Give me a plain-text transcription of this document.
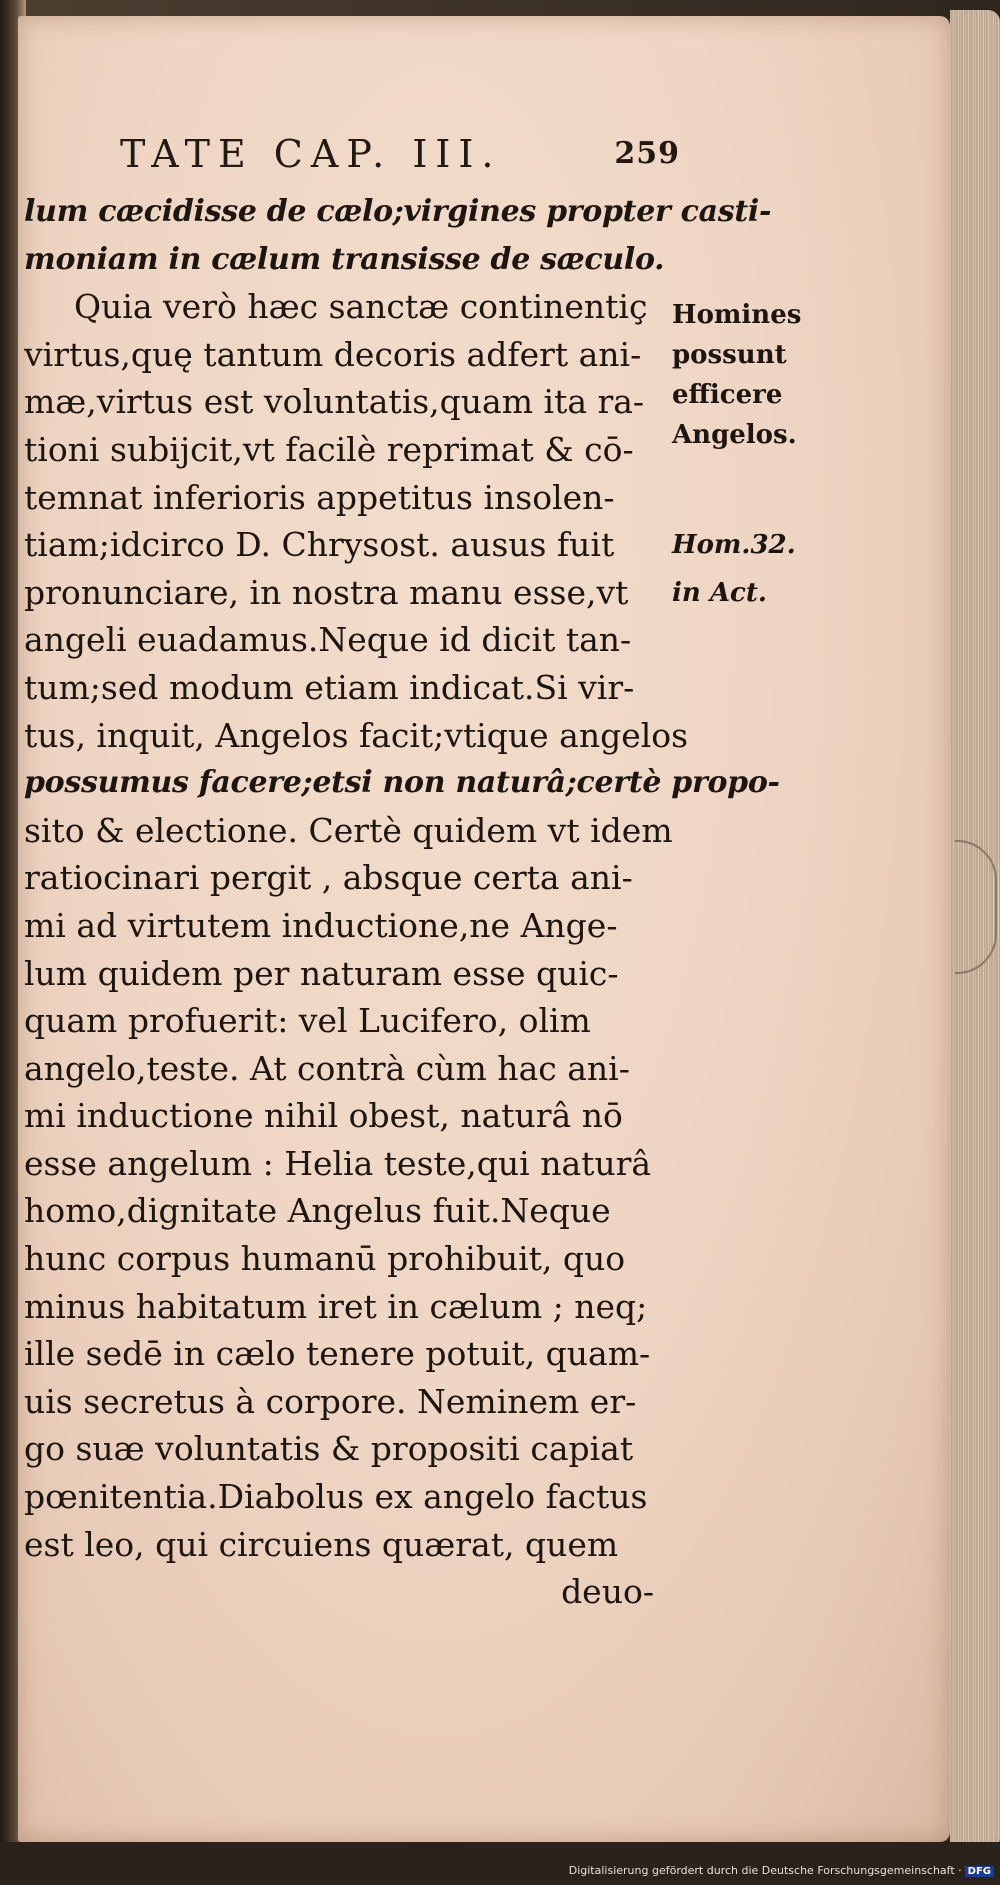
TATE CAP. III.	259
lum cæcidisse de cælo;virgines propter casti-
moniam in cælum transisse de sæculo.
Quia verò hæc sanctæ continentiç
virtus,quę tantum decoris adfert ani-
mæ,virtus est voluntatis,quam ita ra-
tioni subijcit,vt facilè reprimat & cō-
temnat inferioris appetitus insolen-
tiam;idcirco D. Chrysost. ausus fuit
pronunciare, in nostra manu esse,vt
angeli euadamus.Neque id dicit tan-
tum;sed modum etiam indicat.Si vir-
tus, inquit, Angelos facit;vtique angelos
possumus facere;etsi non naturâ;certè propo-
sito & electione. Certè quidem vt idem
ratiocinari pergit , absque certa ani-
mi ad virtutem inductione,ne Ange-
lum quidem per naturam esse quic-
quam profuerit: vel Lucifero, olim
angelo,teste. At contrà cùm hac ani-
mi inductione nihil obest, naturâ nō
esse angelum : Helia teste,qui naturâ
homo,dignitate Angelus fuit.Neque
hunc corpus humanū prohibuit, quo
minus habitatum iret in cælum ; neq;
ille sedē in cælo tenere potuit, quam-
uis secretus à corpore. Neminem er-
go suæ voluntatis & propositi capiat
pœnitentia.Diabolus ex angelo factus
est leo, qui circuiens quærat, quem
deuo-
Homines
possunt
efficere
Angelos.
Hom.32.
in Act.
Digitalisierung gefördert durch die Deutsche Forschungsgemeinschaft · DFG
